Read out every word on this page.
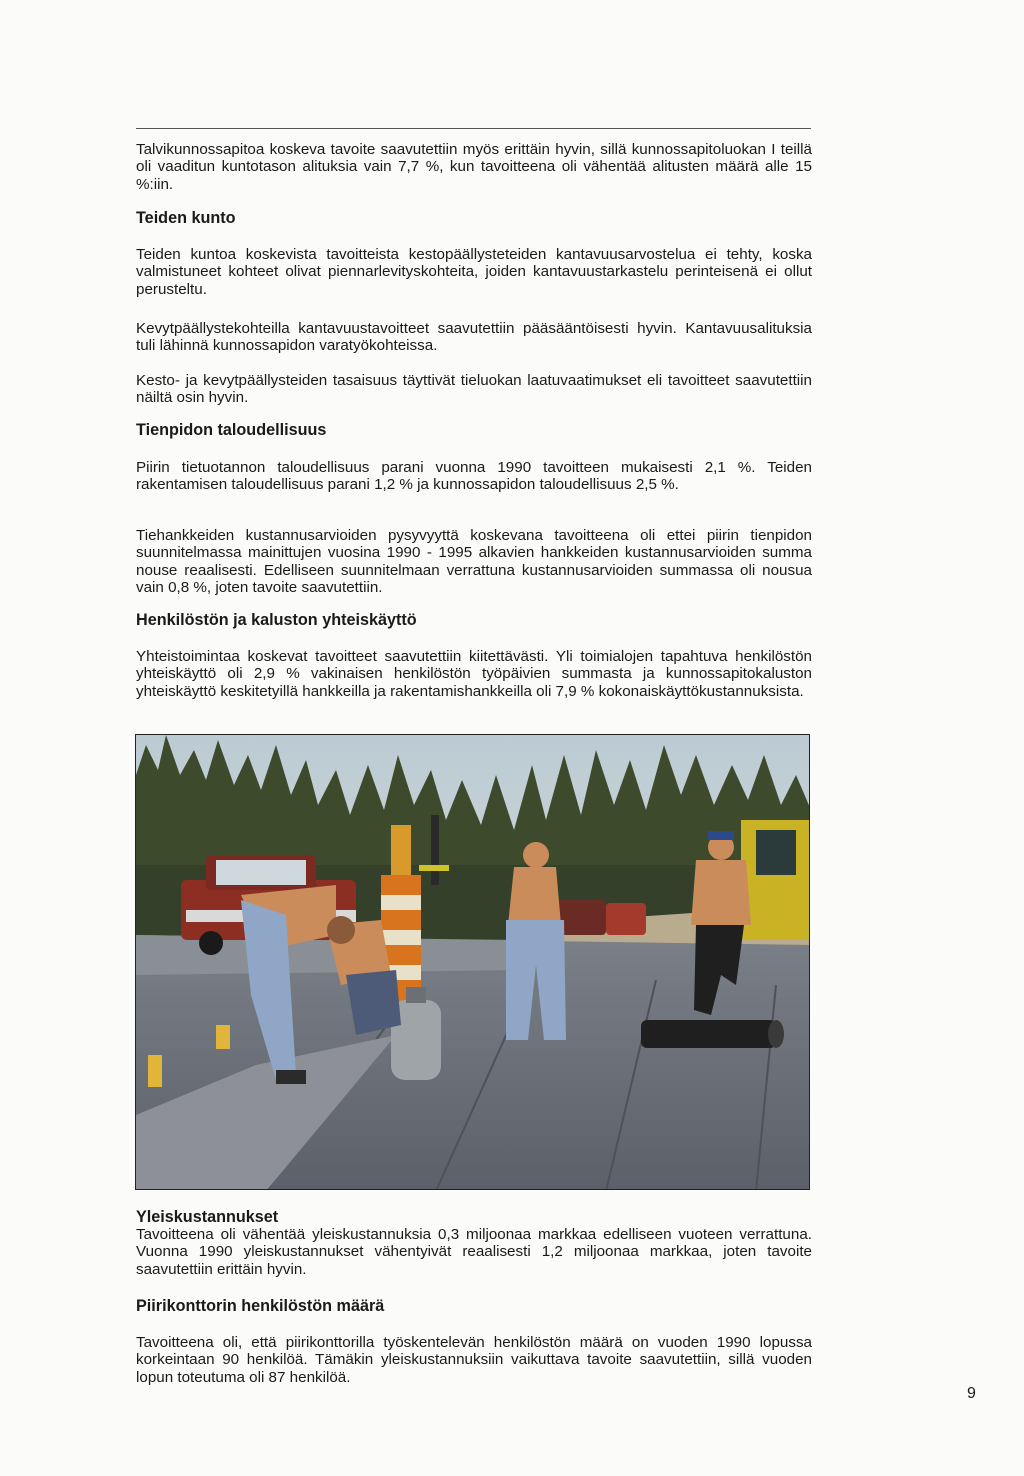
Talvikunnossapitoa koskeva tavoite saavutettiin myös erittäin hyvin, sillä kunnossapitoluokan I teillä oli vaaditun kuntotason alituksia vain 7,7 %, kun tavoitteena oli vähentää alitusten määrä alle 15 %:iin.

Teiden kunto

Teiden kuntoa koskevista tavoitteista kestopäällysteteiden kantavuusarvostelua ei tehty, koska valmistuneet kohteet olivat piennarlevityskohteita, joiden kantavuustarkastelu perinteisenä ei ollut perusteltu.

Kevytpäällystekohteilla kantavuustavoitteet saavutettiin pääsääntöisesti hyvin. Kantavuusalituksia tuli lähinnä kunnossapidon varatyökohteissa.

Kesto- ja kevytpäällysteiden tasaisuus täyttivät tieluokan laatuvaatimukset eli tavoitteet saavutettiin näiltä osin hyvin.

Tienpidon taloudellisuus

Piirin tietuotannon taloudellisuus parani vuonna 1990 tavoitteen mukaisesti 2,1 %. Teiden rakentamisen taloudellisuus parani 1,2 % ja kunnossapidon taloudellisuus 2,5 %.

Tiehankkeiden kustannusarvioiden pysyvyyttä koskevana tavoitteena oli ettei piirin tienpidon suunnitelmassa mainittujen vuosina 1990 - 1995 alkavien hankkeiden kustannusarvioiden summa nouse reaalisesti. Edelliseen suunnitelmaan verrattuna kustannusarvioiden summassa oli nousua vain 0,8 %, joten tavoite saavutettiin.

Henkilöstön ja kaluston yhteiskäyttö

Yhteistoimintaa koskevat tavoitteet saavutettiin kiitettävästi. Yli toimialojen tapahtuva henkilöstön yhteiskäyttö oli 2,9 % vakinaisen henkilöstön työpäivien summasta ja kunnossapitokaluston yhteiskäyttö keskitetyillä hankkeilla ja rakentamishankkeilla oli 7,9 % kokonaiskäyttökustannuksista.

Yleiskustannukset

Tavoitteena oli vähentää yleiskustannuksia 0,3 miljoonaa markkaa edelliseen vuoteen verrattuna. Vuonna 1990 yleiskustannukset vähentyivät reaalisesti 1,2 miljoonaa markkaa, joten tavoite saavutettiin erittäin hyvin.

Piirikonttorin henkilöstön määrä

Tavoitteena oli, että piirikonttorilla työskentelevän henkilöstön määrä on vuoden 1990 lopussa korkeintaan 90 henkilöä. Tämäkin yleiskustannuksiin vaikuttava tavoite saavutettiin, sillä vuoden lopun toteutuma oli 87 henkilöä.

9
